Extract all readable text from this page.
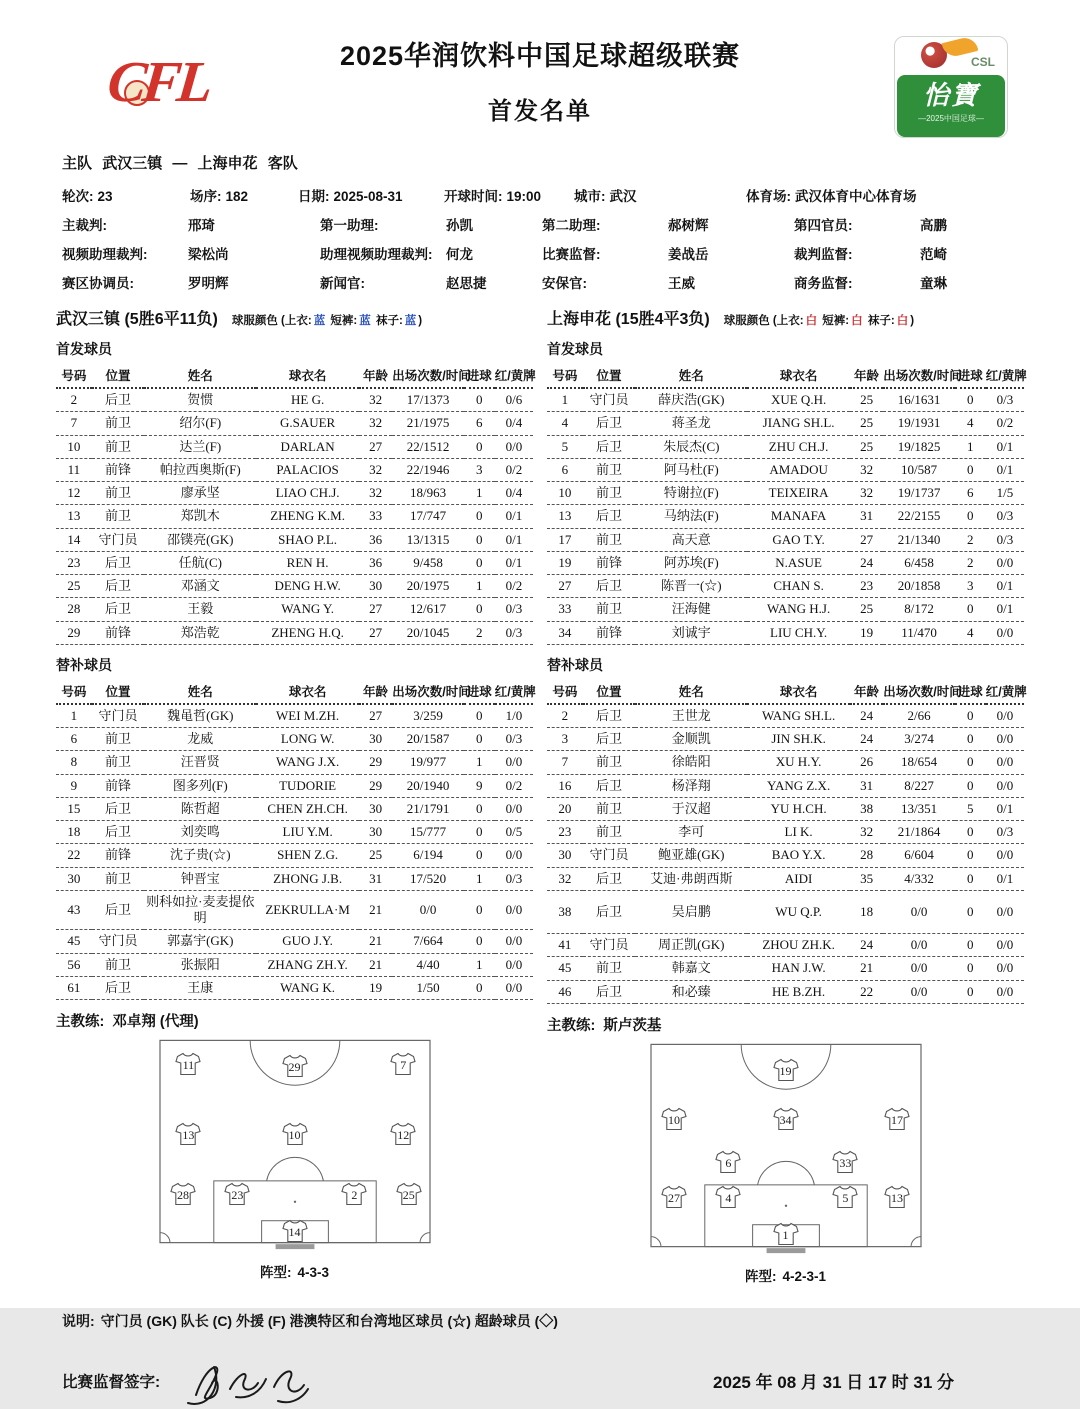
CFL	2025华润饮料中国足球超级联赛
首发名单
CSL
怡寶
—2025中国足球—
主队 武汉三镇 — 上海申花 客队
轮次: 23	场序: 182	日期: 2025-08-31	开球时间: 19:00	城市: 武汉	体育场: 武汉体育中心体育场
主裁判:	邢琦	第一助理:	孙凯	第二助理:	郝树辉	第四官员:	高鹏
视频助理裁判:	梁松尚	助理视频助理裁判: 何龙	比赛监督:	姜战岳	裁判监督:	范崎
赛区协调员:	罗明辉	新闻官:	赵思捷	安保官:	王威	商务监督:	童琳
武汉三镇 (5胜6平11负) 球服颜色 (上衣: 蓝 短裤: 蓝 袜子: 蓝 )
首发球员
号码	位置	姓名	球衣名	年龄	出场次数/时间	进球	红/黄牌
2	后卫	贺惯	HE G.	32	17/1373	0	0/6
7	前卫	绍尔(F)	G.SAUER	32	21/1975	6	0/4
10	前卫	达兰(F)	DARLAN	27	22/1512	0	0/0
11	前锋	帕拉西奥斯(F)	PALACIOS	32	22/1946	3	0/2
12	前卫	廖承坚	LIAO CH.J.	32	18/963	1	0/4
13	前卫	郑凯木	ZHENG K.M.	33	17/747	0	0/1
14	守门员	邵镤亮(GK)	SHAO P.L.	36	13/1315	0	0/1
23	后卫	任航(C)	REN H.	36	9/458	0	0/1
25	后卫	邓涵文	DENG H.W.	30	20/1975	1	0/2
28	后卫	王毅	WANG Y.	27	12/617	0	0/3
29	前锋	郑浩乾	ZHENG H.Q.	27	20/1045	2	0/3
替补球员
号码	位置	姓名	球衣名	年龄	出场次数/时间	进球	红/黄牌
1	守门员	魏黾哲(GK)	WEI M.ZH.	27	3/259	0	1/0
6	前卫	龙威	LONG W.	30	20/1587	0	0/3
8	前卫	汪晋贤	WANG J.X.	29	19/977	1	0/0
9	前锋	图多列(F)	TUDORIE	29	20/1940	9	0/2
15	后卫	陈哲超	CHEN ZH.CH.	30	21/1791	0	0/0
18	后卫	刘奕鸣	LIU Y.M.	30	15/777	0	0/5
22	前锋	沈子贵(☆)	SHEN Z.G.	25	6/194	0	0/0
30	前卫	钟晋宝	ZHONG J.B.	31	17/520	1	0/3
43	后卫	则科如拉·麦麦提依明	ZEKRULLA·M	21	0/0	0	0/0
45	守门员	郭嘉宇(GK)	GUO J.Y.	21	7/664	0	0/0
56	前卫	张振阳	ZHANG ZH.Y.	21	4/40	1	0/0
61	后卫	王康	WANG K.	19	1/50	0	0/0
主教练: 邓卓翔 (代理)
11	29	7
13	10	12
28	23	2	25
14
阵型: 4-3-3
上海申花 (15胜4平3负) 球服颜色 (上衣: 白 短裤: 白 袜子: 白 )
首发球员
号码	位置	姓名	球衣名	年龄	出场次数/时间	进球	红/黄牌
1	守门员	薛庆浩(GK)	XUE Q.H.	25	16/1631	0	0/3
4	后卫	蒋圣龙	JIANG SH.L.	25	19/1931	4	0/2
5	后卫	朱辰杰(C)	ZHU CH.J.	25	19/1825	1	0/1
6	前卫	阿马杜(F)	AMADOU	32	10/587	0	0/1
10	前卫	特谢拉(F)	TEIXEIRA	32	19/1737	6	1/5
13	后卫	马纳法(F)	MANAFA	31	22/2155	0	0/3
17	前卫	高天意	GAO T.Y.	27	21/1340	2	0/3
19	前锋	阿苏埃(F)	N.ASUE	24	6/458	2	0/0
27	后卫	陈晋一(☆)	CHAN S.	23	20/1858	3	0/1
33	前卫	汪海健	WANG H.J.	25	8/172	0	0/1
34	前锋	刘诚宇	LIU CH.Y.	19	11/470	4	0/0
替补球员
号码	位置	姓名	球衣名	年龄	出场次数/时间	进球	红/黄牌
2	后卫	王世龙	WANG SH.L.	24	2/66	0	0/0
3	后卫	金顺凯	JIN SH.K.	24	3/274	0	0/0
7	前卫	徐皓阳	XU H.Y.	26	18/654	0	0/0
16	后卫	杨泽翔	YANG Z.X.	31	8/227	0	0/0
20	前卫	于汉超	YU H.CH.	38	13/351	5	0/1
23	前卫	李可	LI K.	32	21/1864	0	0/3
30	守门员	鲍亚雄(GK)	BAO Y.X.	28	6/604	0	0/0
32	后卫	艾迪·弗朗西斯	AIDI	35	4/332	0	0/1
38	后卫	吴启鹏	WU Q.P.	18	0/0	0	0/0
41	守门员	周正凯(GK)	ZHOU ZH.K.	24	0/0	0	0/0
45	前卫	韩嘉文	HAN J.W.	21	0/0	0	0/0
46	后卫	和必臻	HE B.ZH.	22	0/0	0	0/0
主教练: 斯卢茨基
19
10	34	17
6	33
27	4	5	13
1
阵型: 4-2-3-1
说明: 守门员 (GK) 队长 (C) 外援 (F) 港澳特区和台湾地区球员 (☆) 超龄球员 (◇)
比赛监督签字:	2025 年 08 月 31 日 17 时 31 分
